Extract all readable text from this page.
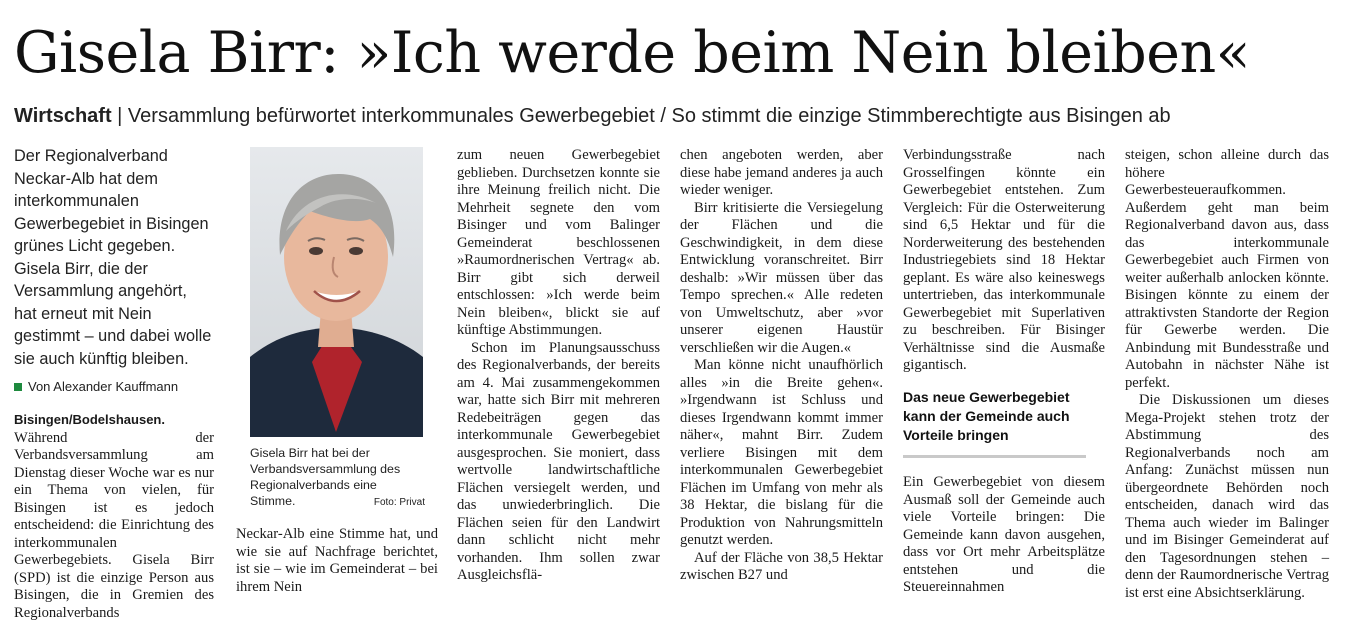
Gisela Birr: »Ich werde beim Nein bleiben«
Wirtschaft | Versammlung befürwortet interkommunales Gewerbegebiet / So stimmt die einzige Stimmberechtigte aus Bisingen ab
Der Regionalverband Neckar-Alb hat dem interkommunalen Gewerbegebiet in Bisingen grünes Licht gegeben. Gisela Birr, die der Versammlung angehört, hat erneut mit Nein gestimmt – und dabei wolle sie auch künftig bleiben.
Von Alexander Kauffmann

Bisingen/Bodelshausen. Während der Verbandsversammlung am Dienstag dieser Woche war es nur ein Thema von vielen, für Bisingen ist es jedoch entscheidend: die Einrichtung des interkommunalen Gewerbegebiets. Gisela Birr (SPD) ist die einzige Person aus Bisingen, die in Gremien des Regionalverbands

Gisela Birr hat bei der Verbandsversammlung des Regionalverbands eine Stimme.	Foto: Privat

Neckar-Alb eine Stimme hat, und wie sie auf Nachfrage berichtet, ist sie – wie im Gemeinderat – bei ihrem Nein

zum neuen Gewerbegebiet geblieben. Durchsetzen konnte sie ihre Meinung freilich nicht. Die Mehrheit segnete den vom Bisinger und vom Balinger Gemeinderat beschlossenen »Raumordnerischen Vertrag« ab. Birr gibt sich derweil entschlossen: »Ich werde beim Nein bleiben«, blickt sie auf künftige Abstimmungen.

Schon im Planungsausschuss des Regionalverbands, der bereits am 4. Mai zusammengekommen war, hatte sich Birr mit mehreren Redebeiträgen gegen das interkommunale Gewerbegebiet ausgesprochen. Sie moniert, dass wertvolle landwirtschaftliche Flächen versiegelt werden, und das unwiederbringlich. Die Flächen seien für den Landwirt dann schlicht nicht mehr vorhanden. Ihm sollen zwar Ausgleichsflä-

chen angeboten werden, aber diese habe jemand anderes ja auch wieder weniger.

Birr kritisierte die Versiegelung der Flächen und die Geschwindigkeit, in dem diese Entwicklung voranschreitet. Birr deshalb: »Wir müssen über das Tempo sprechen.« Alle redeten von Umweltschutz, aber »vor unserer eigenen Haustür verschließen wir die Augen.«

Man könne nicht unaufhörlich alles »in die Breite gehen«. »Irgendwann ist Schluss und dieses Irgendwann kommt immer näher«, mahnt Birr. Zudem verliere Bisingen mit dem interkommunalen Gewerbegebiet Flächen im Umfang von mehr als 38 Hektar, die bislang für die Produktion von Nahrungsmitteln genutzt werden.

Auf der Fläche von 38,5 Hektar zwischen B27 und

Verbindungsstraße nach Grosselfingen könnte ein Gewerbegebiet entstehen. Zum Vergleich: Für die Osterweiterung sind 6,5 Hektar und für die Norderweiterung des bestehenden Industriegebiets sind 18 Hektar geplant. Es wäre also keineswegs untertrieben, das interkommunale Gewerbegebiet mit Superlativen zu beschreiben. Für Bisinger Verhältnisse sind die Ausmaße gigantisch.

Das neue Gewerbegebiet kann der Gemeinde auch Vorteile bringen

Ein Gewerbegebiet von diesem Ausmaß soll der Gemeinde auch viele Vorteile bringen: Die Gemeinde kann davon ausgehen, dass vor Ort mehr Arbeitsplätze entstehen und die Steuereinnahmen

steigen, schon alleine durch das höhere Gewerbesteueraufkommen. Außerdem geht man beim Regionalverband davon aus, dass das interkommunale Gewerbegebiet auch Firmen von weiter außerhalb anlocken könnte. Bisingen könnte zu einem der attraktivsten Standorte der Region für Gewerbe werden. Die Anbindung mit Bundesstraße und Autobahn in nächster Nähe ist perfekt.

Die Diskussionen um dieses Mega-Projekt stehen trotz der Abstimmung des Regionalverbands noch am Anfang: Zunächst müssen nun übergeordnete Behörden noch entscheiden, danach wird das Thema auch wieder im Balinger und im Bisinger Gemeinderat auf den Tagesordnungen stehen – denn der Raumordnerische Vertrag ist erst eine Absichtserklärung.
